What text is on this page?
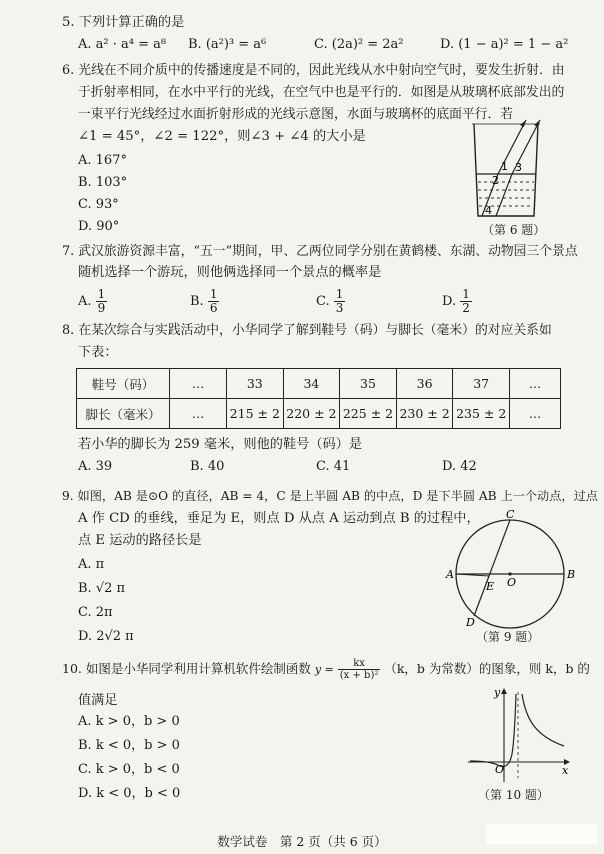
5. 下列计算正确的是
A. a² · a⁴ = a⁸ B. (a²)³ = a⁶	C. (2a)² = 2a²	D. (1 − a)² = 1 − a²
6. 光线在不同介质中的传播速度是不同的，因此光线从水中射向空气时，要发生折射．由
于折射率相同，在水中平行的光线，在空气中也是平行的．如图是从玻璃杯底部发出的
一束平行光线经过水面折射形成的光线示意图，水面与玻璃杯的底面平行．若
∠1 = 45°，∠2 = 122°，则∠3 + ∠4 的大小是
A. 167°
B. 103°
C. 93°
D. 90°
1
2
3
4
（第 6 题）
7. 武汉旅游资源丰富，“五一”期间，甲、乙两位同学分别在黄鹤楼、东湖、动物园三个景点
随机选择一个游玩，则他俩选择同一个景点的概率是
A. $\frac{1}{9}$	B. $\frac{1}{6}$	C. $\frac{1}{3}$	D. $\frac{1}{2}$
8. 在某次综合与实践活动中，小华同学了解到鞋号（码）与脚长（毫米）的对应关系如
下表：
鞋号（码）	…	33	34	35	36	37	…
脚长（毫米）	…	215 ± 2	220 ± 2	225 ± 2	230 ± 2	235 ± 2	…
若小华的脚长为 259 毫米，则他的鞋号（码）是
A. 39	B. 40	C. 41	D. 42
9. 如图，AB 是⊙O 的直径，AB = 4，C 是上半圆 AB 的中点，D 是下半圆 AB 上一个动点，过点
A 作 CD 的垂线，垂足为 E，则点 D 从点 A 运动到点 B 的过程中，
点 E 运动的路径长是
A. π
B. √2 π
C. 2π
D. 2√2 π
C
A	B
O
E
D
（第 9 题）
10. 如图是小华同学利用计算机软件绘制函数 $y = \frac{kx}{\text{(x + b)²}} (k$，b 为常数）的图象，则 k，b 的
值满足
A. k > 0，b > 0
B. k < 0，b > 0
C. k > 0，b < 0
D. k < 0，b < 0
y
x
O
（第 10 题）
数学试卷　第 2 页（共 6 页）
